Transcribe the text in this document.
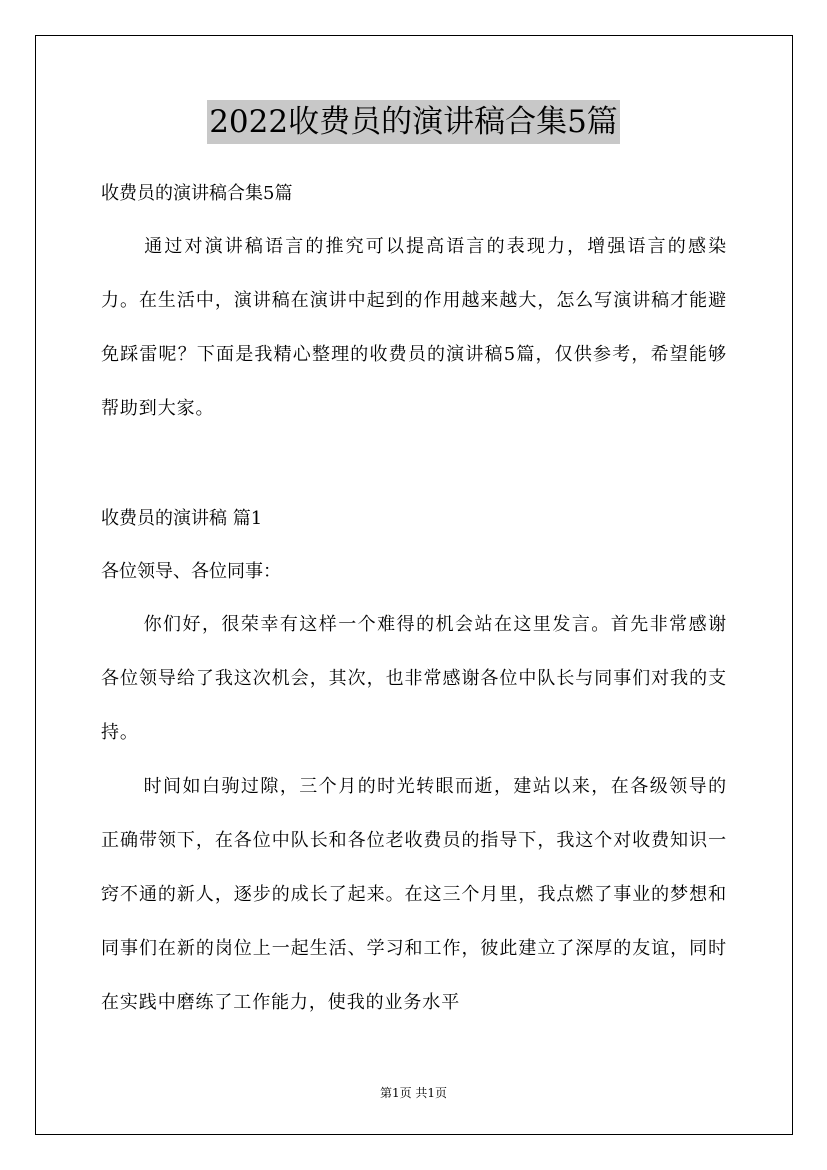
2022收费员的演讲稿合集5篇
收费员的演讲稿合集5篇
通过对演讲稿语言的推究可以提高语言的表现力，增强语言的感染力。在生活中，演讲稿在演讲中起到的作用越来越大，怎么写演讲稿才能避免踩雷呢？下面是我精心整理的收费员的演讲稿5篇，仅供参考，希望能够帮助到大家。
收费员的演讲稿 篇1
各位领导、各位同事：
你们好，很荣幸有这样一个难得的机会站在这里发言。首先非常感谢各位领导给了我这次机会，其次，也非常感谢各位中队长与同事们对我的支持。
时间如白驹过隙，三个月的时光转眼而逝，建站以来，在各级领导的正确带领下，在各位中队长和各位老收费员的指导下，我这个对收费知识一窍不通的新人，逐步的成长了起来。在这三个月里，我点燃了事业的梦想和同事们在新的岗位上一起生活、学习和工作，彼此建立了深厚的友谊，同时在实践中磨练了工作能力，使我的业务水平
第1页 共1页
